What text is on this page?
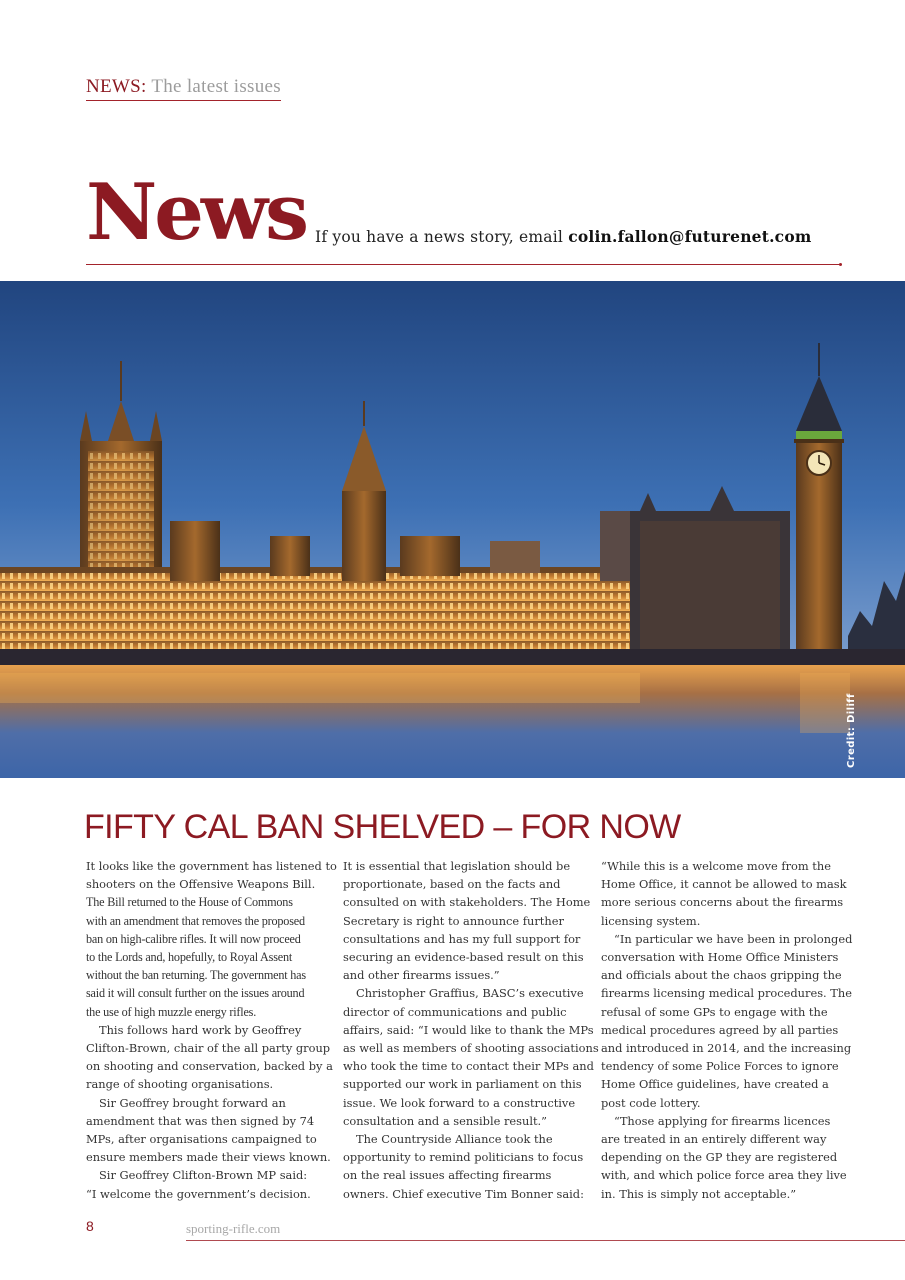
NEWS: The latest issues
News If you have a news story, email colin.fallon@futurenet.com
Credit: Diliff
FIFTY CAL BAN SHELVED – FOR NOW

It looks like the government has listened to

shooters on the Offensive Weapons Bill.

The Bill returned to the House of Commons

with an amendment that removes the proposed

ban on high-calibre rifles. It will now proceed

to the Lords and, hopefully, to Royal Assent

without the ban returning. The government has

said it will consult further on the issues around

the use of high muzzle energy rifles.

This follows hard work by Geoffrey

Clifton-Brown, chair of the all party group

on shooting and conservation, backed by a

range of shooting organisations.

Sir Geoffrey brought forward an

amendment that was then signed by 74

MPs, after organisations campaigned to

ensure members made their views known.

Sir Geoffrey Clifton-Brown MP said:

“I welcome the government’s decision.

It is essential that legislation should be

proportionate, based on the facts and

consulted on with stakeholders. The Home

Secretary is right to announce further

consultations and has my full support for

securing an evidence-based result on this

and other firearms issues.”

Christopher Graffius, BASC’s executive

director of communications and public

affairs, said: “I would like to thank the MPs

as well as members of shooting associations

who took the time to contact their MPs and

supported our work in parliament on this

issue. We look forward to a constructive

consultation and a sensible result.”

The Countryside Alliance took the

opportunity to remind politicians to focus

on the real issues affecting firearms

owners. Chief executive Tim Bonner said:

“While this is a welcome move from the

Home Office, it cannot be allowed to mask

more serious concerns about the firearms

licensing system.

“In particular we have been in prolonged

conversation with Home Office Ministers

and officials about the chaos gripping the

firearms licensing medical procedures. The

refusal of some GPs to engage with the

medical procedures agreed by all parties

and introduced in 2014, and the increasing

tendency of some Police Forces to ignore

Home Office guidelines, have created a

post code lottery.

“Those applying for firearms licences

are treated in an entirely different way

depending on the GP they are registered

with, and which police force area they live

in. This is simply not acceptable.”

8	sporting-rifle.com
